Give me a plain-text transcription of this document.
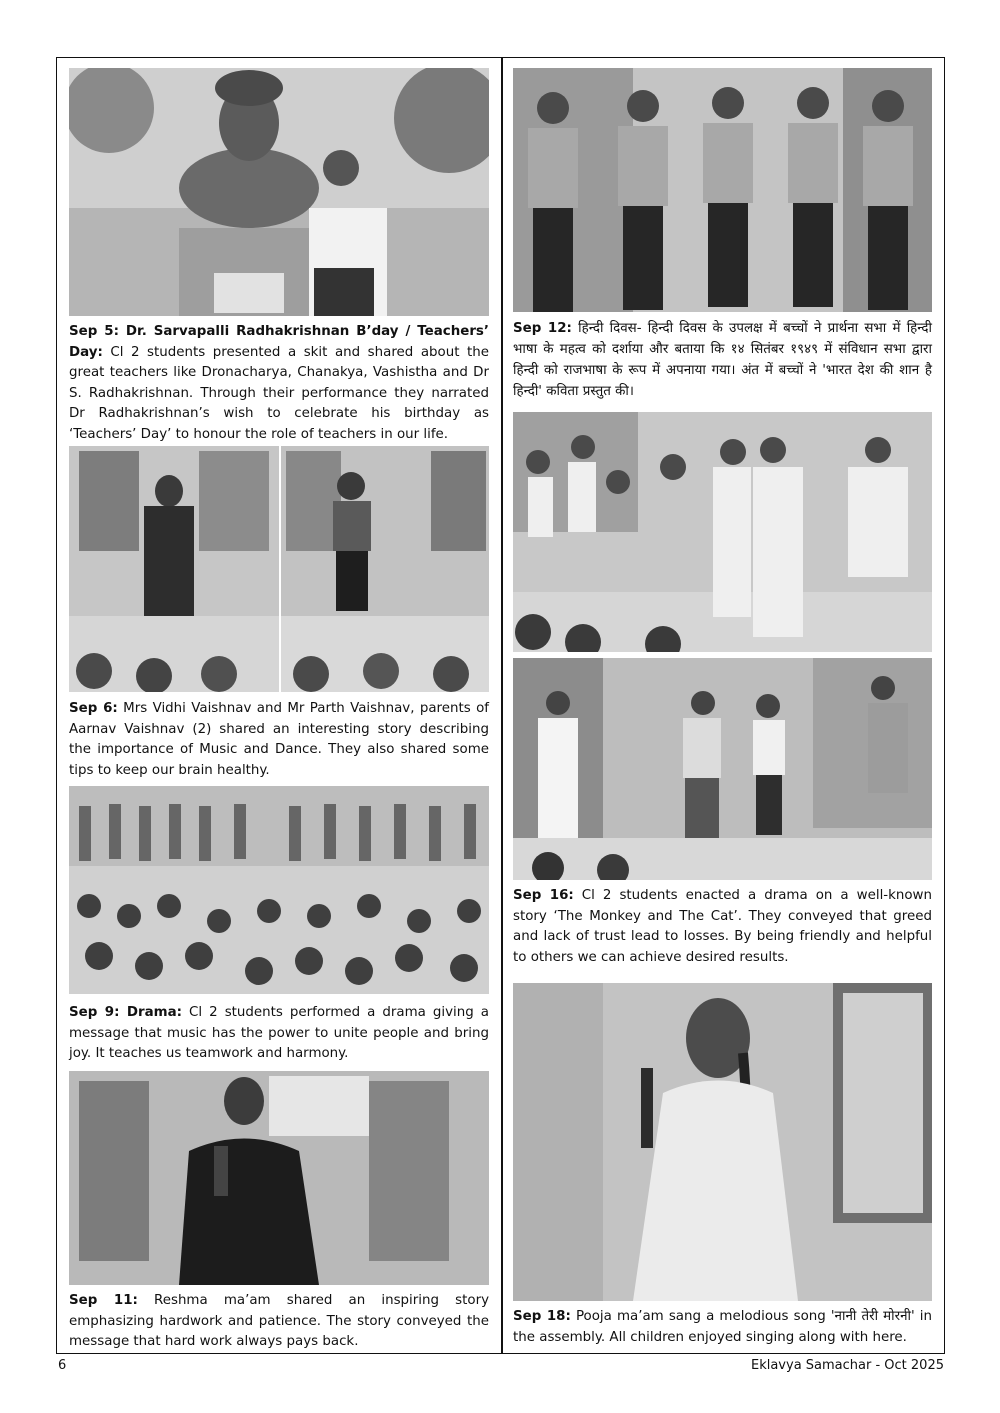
Sep 5: Dr. Sarvapalli Radhakrishnan B’day / Teachers’ Day: Cl 2 students presented a skit and shared about the great teachers like Dronacharya, Chanakya, Vashistha and Dr S. Radhakrishnan. Through their performance they narrated Dr Radhakrishnan’s wish to celebrate his birthday as ‘Teachers’ Day’ to honour the role of teachers in our life.

Sep 6: Mrs Vidhi Vaishnav and Mr Parth Vaishnav, parents of Aarnav Vaishnav (2) shared an interesting story describing the importance of Music and Dance. They also shared some tips to keep our brain healthy.

Sep 9: Drama: Cl 2 students performed a drama giving a message that music has the power to unite people and bring joy. It teaches us teamwork and harmony.

Sep 11: Reshma ma’am shared an inspiring story emphasizing hardwork and patience. The story conveyed the message that hard work always pays back.

Sep 12: हिन्दी दिवस- हिन्दी दिवस के उपलक्ष में बच्चों ने प्रार्थना सभा में हिन्दी भाषा के महत्व को दर्शाया और बताया कि १४ सितंबर १९४९ में संविधान सभा द्वारा हिन्दी को राजभाषा के रूप में अपनाया गया। अंत में बच्चों ने 'भारत देश की शान है हिन्दी' कविता प्रस्तुत की।

Sep 16: Cl 2 students enacted a drama on a well-known story ‘The Monkey and The Cat’. They conveyed that greed and lack of trust lead to losses. By being friendly and helpful to others we can achieve desired results.

Sep 18: Pooja ma’am sang a melodious song 'नानी तेरी मोरनी' in the assembly. All children enjoyed singing along with here.

6	Eklavya Samachar - Oct 2025
